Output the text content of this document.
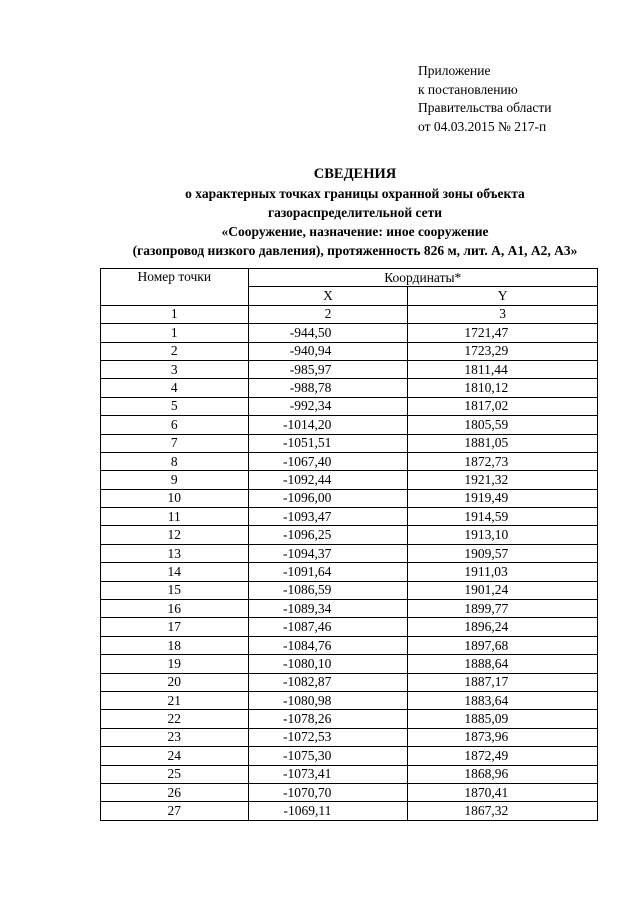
Приложение
к постановлению
Правительства области
от 04.03.2015 № 217-п
СВЕДЕНИЯ
о характерных точках границы охранной зоны объекта
газораспределительной сети
«Сооружение, назначение: иное сооружение
(газопровод низкого давления), протяженность 826 м, лит. А, А1, А2, А3»
Номер точки	Координаты*	
	X	Y
1	2	3
1	-944,50	1721,47
2	-940,94	1723,29
3	-985,97	1811,44
4	-988,78	1810,12
5	-992,34	1817,02
6	-1014,20	1805,59
7	-1051,51	1881,05
8	-1067,40	1872,73
9	-1092,44	1921,32
10	-1096,00	1919,49
11	-1093,47	1914,59
12	-1096,25	1913,10
13	-1094,37	1909,57
14	-1091,64	1911,03
15	-1086,59	1901,24
16	-1089,34	1899,77
17	-1087,46	1896,24
18	-1084,76	1897,68
19	-1080,10	1888,64
20	-1082,87	1887,17
21	-1080,98	1883,64
22	-1078,26	1885,09
23	-1072,53	1873,96
24	-1075,30	1872,49
25	-1073,41	1868,96
26	-1070,70	1870,41
27	-1069,11	1867,32
